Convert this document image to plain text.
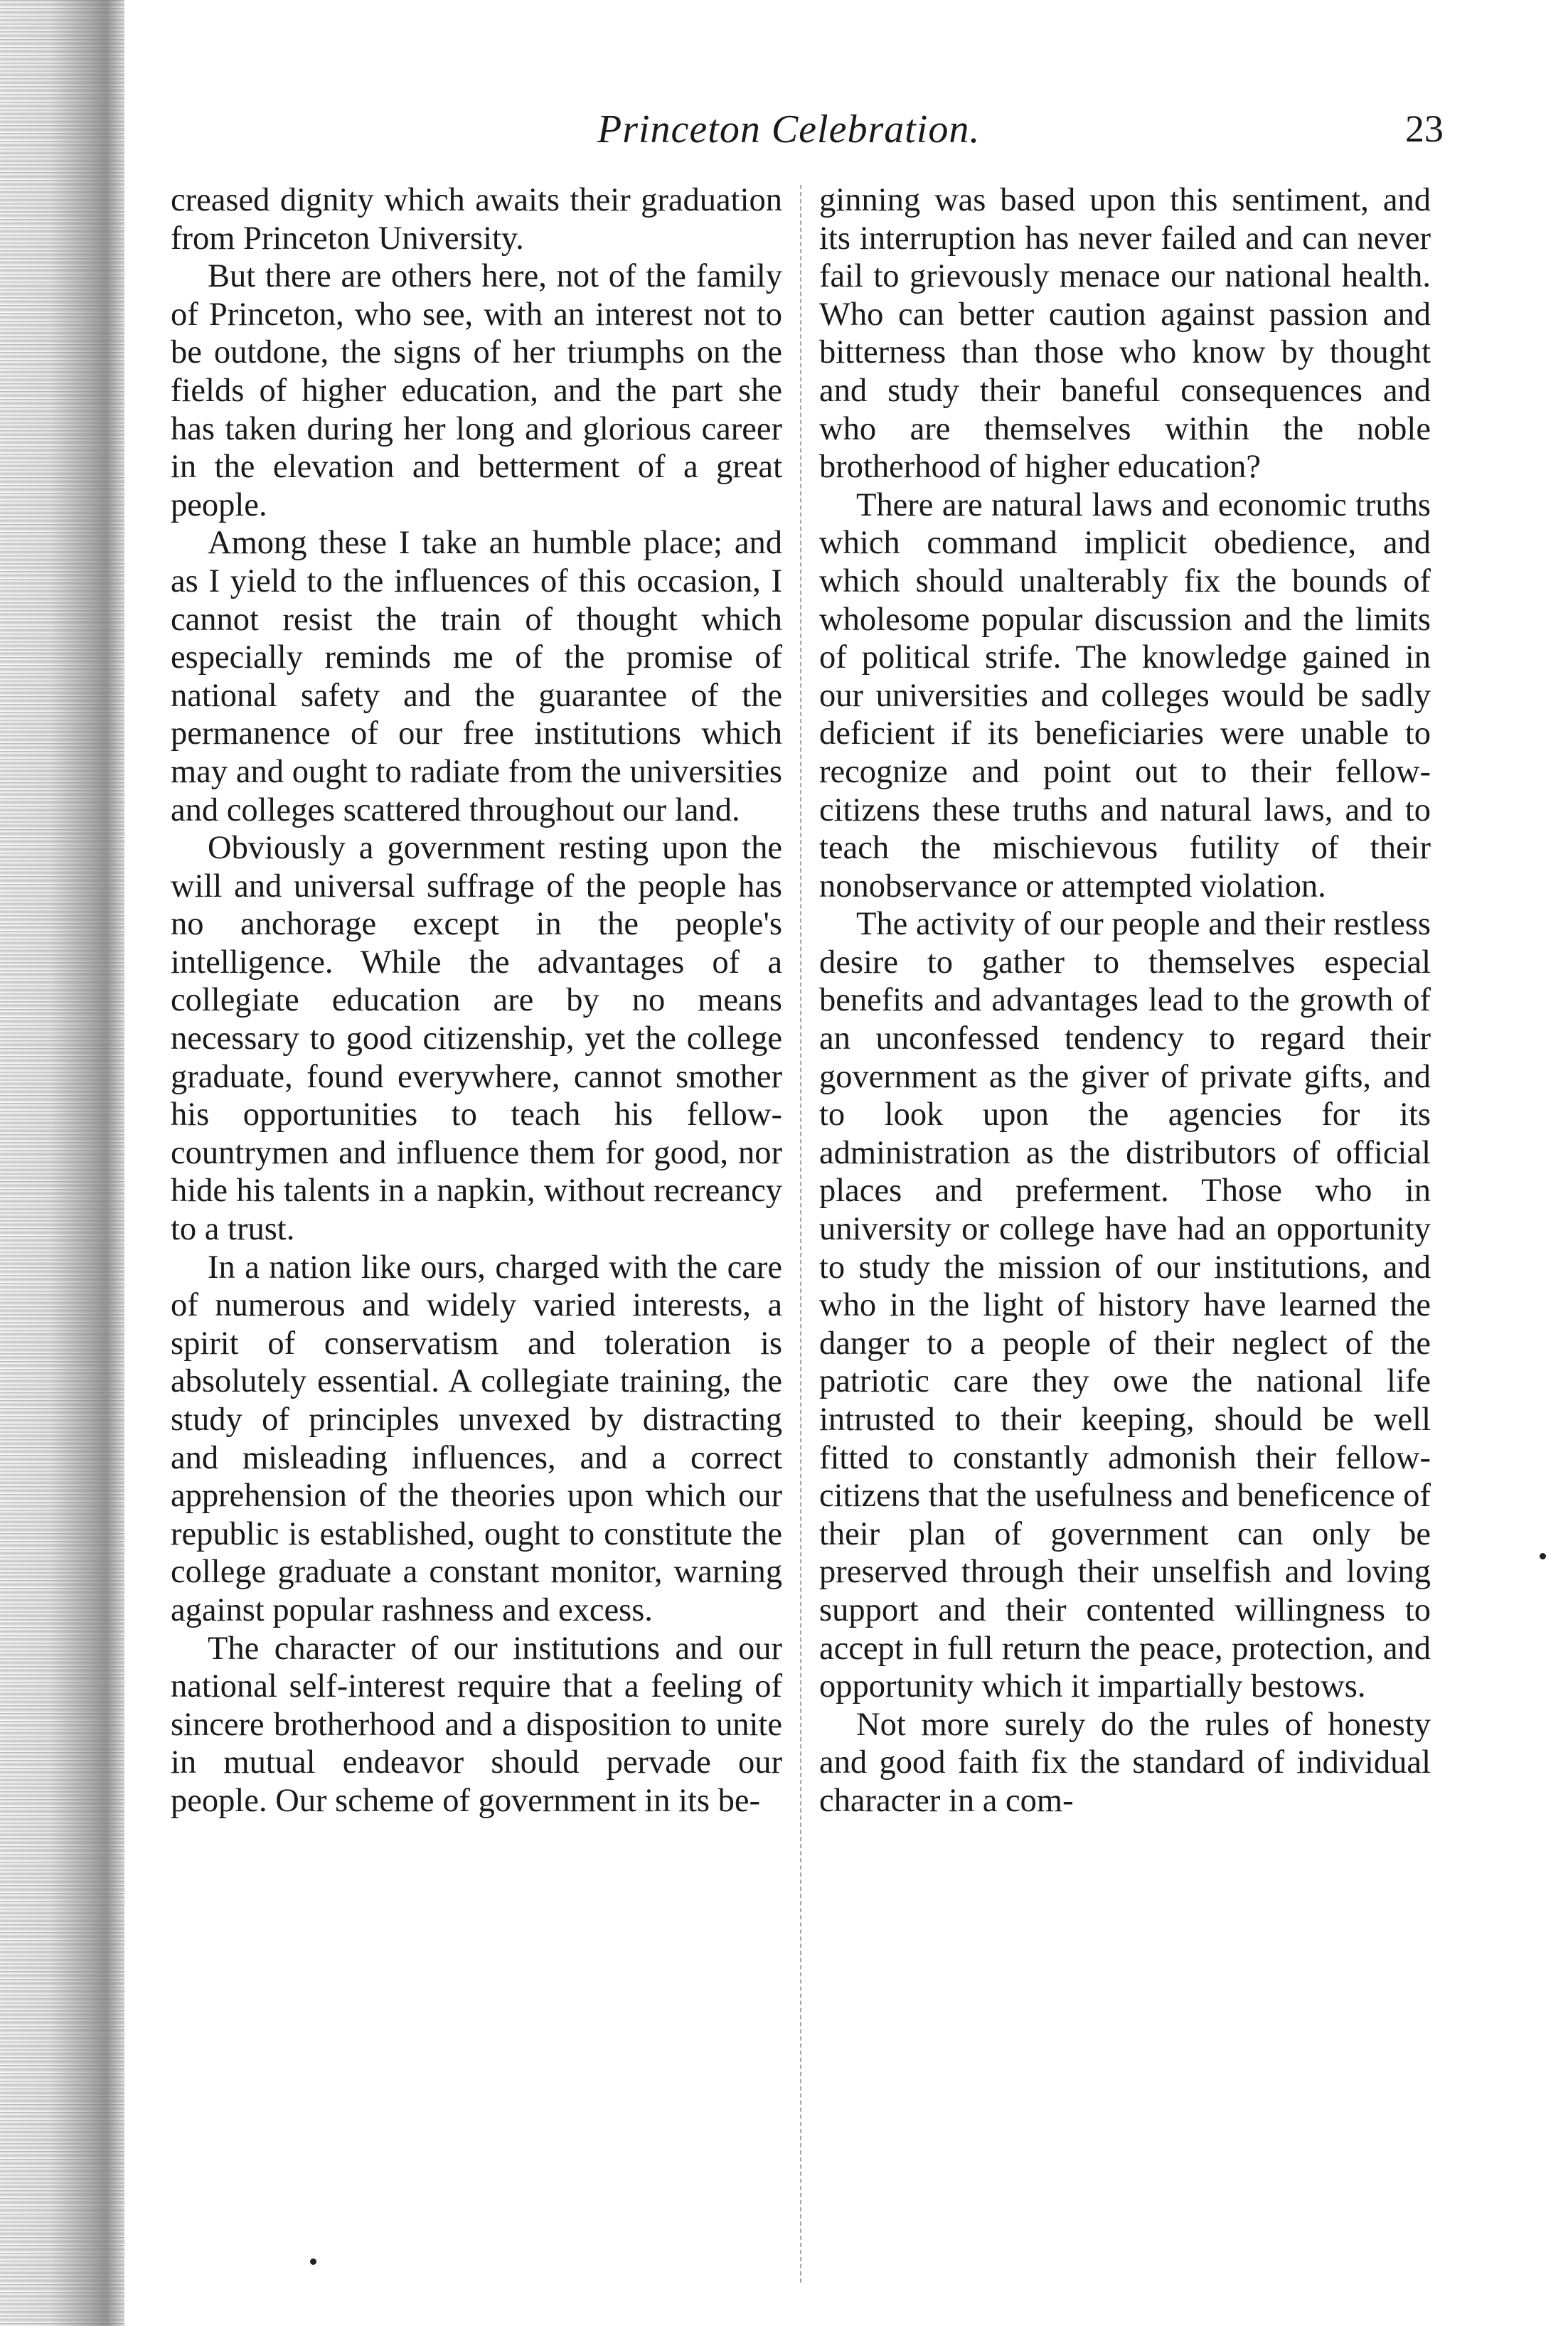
Princeton Celebration.	23

creased dignity which awaits their graduation from Princeton University.

But there are others here, not of the family of Princeton, who see, with an interest not to be outdone, the signs of her triumphs on the fields of higher education, and the part she has taken during her long and glorious career in the elevation and betterment of a great people.

Among these I take an humble place; and as I yield to the influences of this occasion, I cannot resist the train of thought which especially reminds me of the promise of national safety and the guarantee of the permanence of our free institutions which may and ought to radiate from the universities and colleges scattered throughout our land.

Obviously a government resting upon the will and universal suffrage of the people has no anchorage except in the people's intelligence. While the advantages of a collegiate education are by no means necessary to good citizenship, yet the college graduate, found everywhere, cannot smother his opportunities to teach his fellow-countrymen and influence them for good, nor hide his talents in a napkin, without recreancy to a trust.

In a nation like ours, charged with the care of numerous and widely varied interests, a spirit of conservatism and toleration is absolutely essential. A collegiate training, the study of principles unvexed by distracting and misleading influences, and a correct apprehension of the theories upon which our republic is established, ought to constitute the college graduate a constant monitor, warning against popular rashness and excess.

The character of our institutions and our national self-interest require that a feeling of sincere brotherhood and a disposition to unite in mutual endeavor should pervade our people. Our scheme of government in its be-

ginning was based upon this sentiment, and its interruption has never failed and can never fail to grievously menace our national health. Who can better caution against passion and bitterness than those who know by thought and study their baneful consequences and who are themselves within the noble brotherhood of higher education?

There are natural laws and economic truths which command implicit obedience, and which should unalterably fix the bounds of wholesome popular discussion and the limits of political strife. The knowledge gained in our universities and colleges would be sadly deficient if its beneficiaries were unable to recognize and point out to their fellow-citizens these truths and natural laws, and to teach the mischievous futility of their nonobservance or attempted violation.

The activity of our people and their restless desire to gather to themselves especial benefits and advantages lead to the growth of an unconfessed tendency to regard their government as the giver of private gifts, and to look upon the agencies for its administration as the distributors of official places and preferment. Those who in university or college have had an opportunity to study the mission of our institutions, and who in the light of history have learned the danger to a people of their neglect of the patriotic care they owe the national life intrusted to their keeping, should be well fitted to constantly admonish their fellow-citizens that the usefulness and beneficence of their plan of government can only be preserved through their unselfish and loving support and their contented willingness to accept in full return the peace, protection, and opportunity which it impartially bestows.

Not more surely do the rules of honesty and good faith fix the standard of individual character in a com-
